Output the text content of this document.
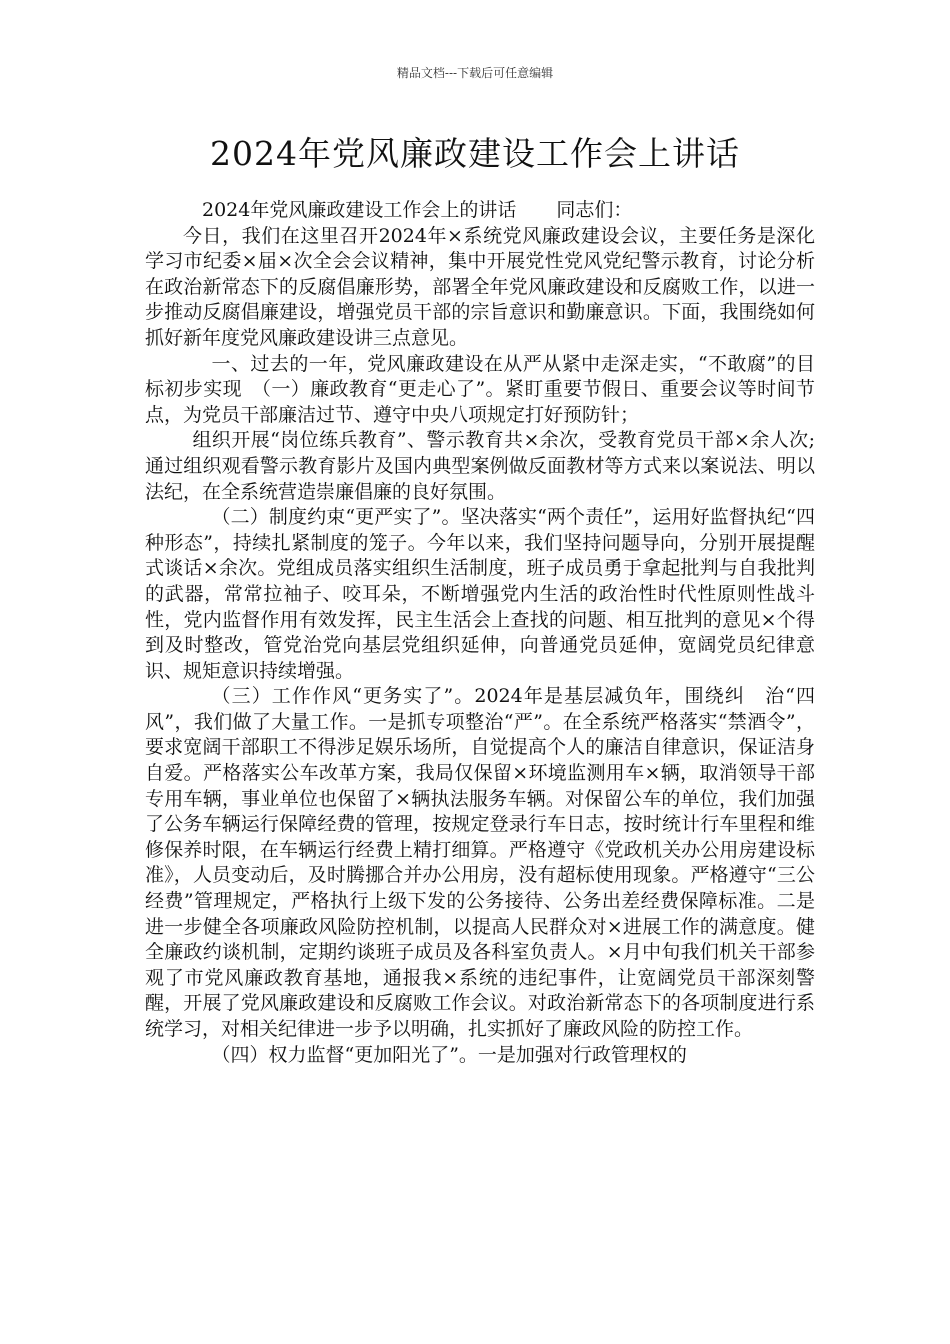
精品文档---下载后可任意编辑
2024年党风廉政建设工作会上讲话

2024年党风廉政建设工作会上的讲话 同志们：

今日，我们在这里召开2024年×系统党风廉政建设会议，主要任务是深化学习市纪委×届×次全会会议精神，集中开展党性党风党纪警示教育，讨论分析在政治新常态下的反腐倡廉形势，部署全年党风廉政建设和反腐败工作，以进一步推动反腐倡廉建设，增强党员干部的宗旨意识和勤廉意识。下面，我围绕如何抓好新年度党风廉政建设讲三点意见。

一、过去的一年，党风廉政建设在从严从紧中走深走实，“不敢腐”的目标初步实现　（一）廉政教育“更走心了”。紧盯重要节假日、重要会议等时间节点，为党员干部廉洁过节、遵守中央八项规定打好预防针；

组织开展“岗位练兵教育”、警示教育共×余次，受教育党员干部×余人次;通过组织观看警示教育影片及国内典型案例做反面教材等方式来以案说法、明以法纪，在全系统营造崇廉倡廉的良好氛围。

（二）制度约束“更严实了”。坚决落实“两个责任”，运用好监督执纪“四种形态”，持续扎紧制度的笼子。今年以来，我们坚持问题导向，分别开展提醒式谈话×余次。党组成员落实组织生活制度，班子成员勇于拿起批判与自我批判的武器，常常拉袖子、咬耳朵，不断增强党内生活的政治性时代性原则性战斗性，党内监督作用有效发挥，民主生活会上查找的问题、相互批判的意见×个得到及时整改，管党治党向基层党组织延伸，向普通党员延伸，宽阔党员纪律意识、规矩意识持续增强。

（三）工作作风“更务实了”。2024年是基层减负年，围绕纠　治“四风”，我们做了大量工作。一是抓专项整治“严”。在全系统严格落实“禁酒令”，要求宽阔干部职工不得涉足娱乐场所，自觉提高个人的廉洁自律意识，保证洁身自爱。严格落实公车改革方案，我局仅保留×环境监测用车×辆，取消领导干部专用车辆，事业单位也保留了×辆执法服务车辆。对保留公车的单位，我们加强了公务车辆运行保障经费的管理，按规定登录行车日志，按时统计行车里程和维修保养时限，在车辆运行经费上精打细算。严格遵守《党政机关办公用房建设标准》，人员变动后，及时腾挪合并办公用房，没有超标使用现象。严格遵守“三公经费”管理规定，严格执行上级下发的公务接待、公务出差经费保障标准。二是进一步健全各项廉政风险防控机制，以提高人民群众对×进展工作的满意度。健全廉政约谈机制，定期约谈班子成员及各科室负责人。×月中旬我们机关干部参观了市党风廉政教育基地，通报我×系统的违纪事件，让宽阔党员干部深刻警醒，开展了党风廉政建设和反腐败工作会议。对政治新常态下的各项制度进行系统学习，对相关纪律进一步予以明确，扎实抓好了廉政风险的防控工作。

（四）权力监督“更加阳光了”。一是加强对行政管理权的
